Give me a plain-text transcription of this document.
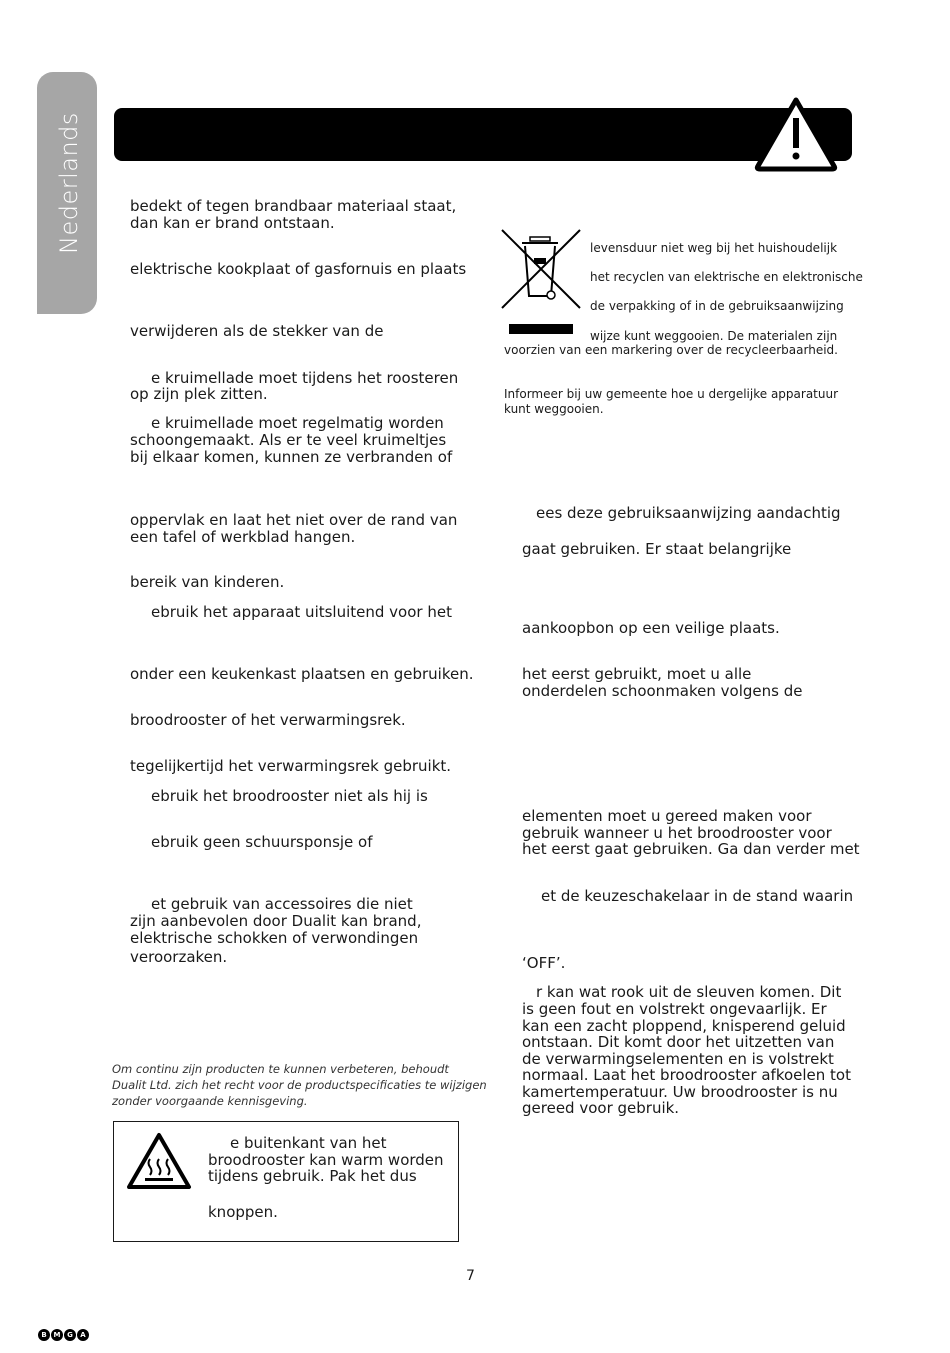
Nederlands	bedekt of tegen brandbaar materiaal staat,
dan kan er brand ontstaan.
elektrische kookplaat of gasfornuis en plaats
verwijderen als de stekker van de
e kruimellade moet tijdens het roosteren
op zijn plek zitten.
e kruimellade moet regelmatig worden
schoongemaakt. Als er te veel kruimeltjes
bij elkaar komen, kunnen ze verbranden of
oppervlak en laat het niet over de rand van
een tafel of werkblad hangen.
bereik van kinderen.
ebruik het apparaat uitsluitend voor het
onder een keukenkast plaatsen en gebruiken.
broodrooster of het verwarmingsrek.
tegelijkertijd het verwarmingsrek gebruikt.
ebruik het broodrooster niet als hij is
ebruik geen schuursponsje of
et gebruik van accessoires die niet
zijn aanbevolen door Dualit kan brand,
elektrische schokken of verwondingen
veroorzaken.
Om continu zijn producten te kunnen verbeteren, behoudt
Dualit Ltd. zich het recht voor de productspecificaties te wijzigen
zonder voorgaande kennisgeving.
e buitenkant van het
broodrooster kan warm worden
tijdens gebruik. Pak het dus
knoppen.
levensduur niet weg bij het huishoudelijk
het recyclen van elektrische en elektronische
de verpakking of in de gebruiksaanwijzing
wijze kunt weggooien. De materialen zijn
voorzien van een markering over de recycleerbaarheid.
Informeer bij uw gemeente hoe u dergelijke apparatuur
kunt weggooien.
ees deze gebruiksaanwijzing aandachtig
gaat gebruiken. Er staat belangrijke
aankoopbon op een veilige plaats.
het eerst gebruikt, moet u alle
onderdelen schoonmaken volgens de
elementen moet u gereed maken voor
gebruik wanneer u het broodrooster voor
het eerst gaat gebruiken. Ga dan verder met
et de keuzeschakelaar in de stand waarin
‘OFF’.
r kan wat rook uit de sleuven komen. Dit
is geen fout en volstrekt ongevaarlijk. Er
kan een zacht ploppend, knisperend geluid
ontstaan. Dit komt door het uitzetten van
de verwarmingselementen en is volstrekt
normaal. Laat het broodrooster afkoelen tot
kamertemperatuur. Uw broodrooster is nu
gereed voor gebruik.
7
B M G	A
